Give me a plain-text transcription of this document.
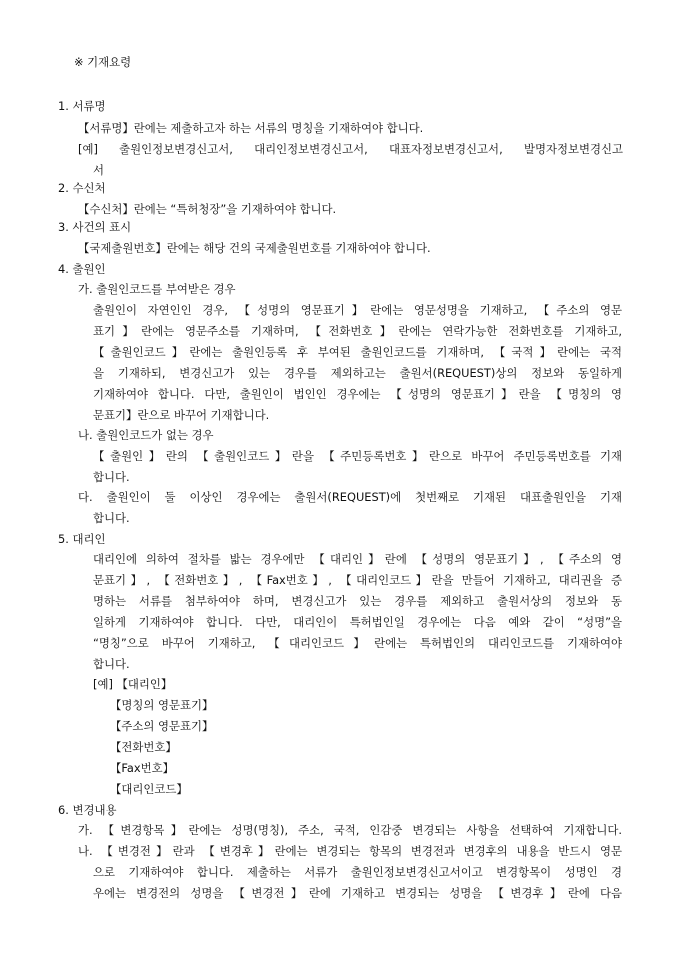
※ 기재요령
1. 서류명
【서류명】란에는 제출하고자 하는 서류의 명칭을 기재하여야 합니다.
[예] 출원인정보변경신고서, 대리인정보변경신고서, 대표자정보변경신고서, 발명자정보변경신고
서
2. 수신처
【수신처】란에는 “특허청장”을 기재하여야 합니다.
3. 사건의 표시
【국제출원번호】란에는 해당 건의 국제출원번호를 기재하여야 합니다.
4. 출원인
가. 출원인코드를 부여받은 경우
출원인이 자연인인 경우, 【성명의 영문표기】란에는 영문성명을 기재하고, 【주소의 영문
표기】란에는 영문주소를 기재하며, 【전화번호】란에는 연락가능한 전화번호를 기재하고,
【출원인코드】란에는 출원인등록 후 부여된 출원인코드를 기재하며, 【국적】란에는 국적
을 기재하되, 변경신고가 있는 경우를 제외하고는 출원서(REQUEST)상의 정보와 동일하게
기재하여야 합니다. 다만, 출원인이 법인인 경우에는 【성명의 영문표기】란을 【명칭의 영
문표기】란으로 바꾸어 기재합니다.
나. 출원인코드가 없는 경우
【출원인】란의 【출원인코드】란을 【주민등록번호】란으로 바꾸어 주민등록번호를 기재
합니다.
다. 출원인이 둘 이상인 경우에는 출원서(REQUEST)에 첫번째로 기재된 대표출원인을 기재
합니다.
5. 대리인
대리인에 의하여 절차를 밟는 경우에만 【대리인】란에 【성명의 영문표기】, 【주소의 영
문표기】, 【전화번호】, 【Fax번호】, 【대리인코드】란을 만들어 기재하고, 대리권을 증
명하는 서류를 첨부하여야 하며, 변경신고가 있는 경우를 제외하고 출원서상의 정보와 동
일하게 기재하여야 합니다. 다만, 대리인이 특허법인일 경우에는 다음 예와 같이 “성명”을
“명칭”으로 바꾸어 기재하고, 【대리인코드】란에는 특허법인의 대리인코드를 기재하여야
합니다.
[예] 【대리인】
【명칭의 영문표기】
【주소의 영문표기】
【전화번호】
【Fax번호】
【대리인코드】
6. 변경내용
가. 【변경항목】란에는 성명(명칭), 주소, 국적, 인감중 변경되는 사항을 선택하여 기재합니다.
나. 【변경전】란과 【변경후】란에는 변경되는 항목의 변경전과 변경후의 내용을 반드시 영문
으로 기재하여야 합니다. 제출하는 서류가 출원인정보변경신고서이고 변경항목이 성명인 경
우에는 변경전의 성명을 【변경전】란에 기재하고 변경되는 성명을 【변경후】란에 다음
